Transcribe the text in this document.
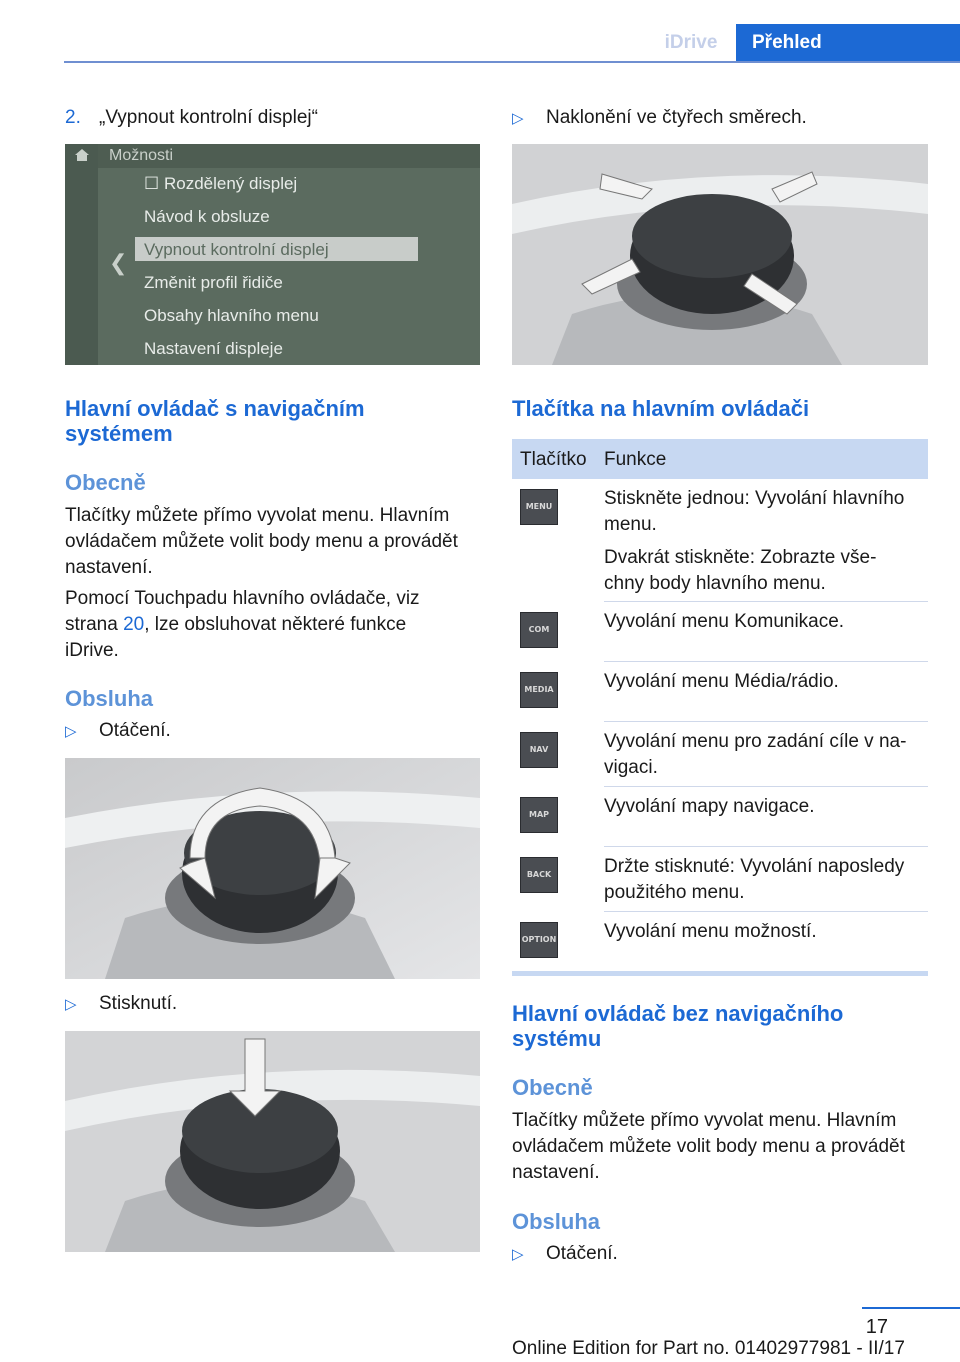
iDrive	Přehled
2. „Vypnout kontrolní displej“
Možnosti
☐ Rozdělený displej
Návod k obsluze
Vypnout kontrolní displej
Změnit profil řidiče
Obsahy hlavního menu
Nastavení displeje
❮
Hlavní ovládač s navigačním
systémem
Obecně
Tlačítky můžete přímo vyvolat menu. Hlavním
ovládačem můžete volit body menu a provádět
nastavení.
Pomocí Touchpadu hlavního ovládače, viz
strana 20, lze obsluhovat některé funkce
iDrive.
Obsluha
▷ Otáčení.
▷ Stisknutí.
▷ Naklonění ve čtyřech směrech.
Tlačítka na hlavním ovládači
Tlačítko Funkce
MENU	Stiskněte jednou: Vyvolání hlavního
menu.
Dvakrát stiskněte: Zobrazte vše-
chny body hlavního menu.
COM	Vyvolání menu Komunikace.
MEDIA	Vyvolání menu Média/rádio.
NAV	Vyvolání menu pro zadání cíle v na-
vigaci.
MAP	Vyvolání mapy navigace.
BACK	Držte stisknuté: Vyvolání naposledy
použitého menu.
OPTION	Vyvolání menu možností.
Hlavní ovládač bez navigačního
systému
Obecně
Tlačítky můžete přímo vyvolat menu. Hlavním
ovládačem můžete volit body menu a provádět
nastavení.
Obsluha
▷ Otáčení.
17
Online Edition for Part no. 01402977981 - II/17
